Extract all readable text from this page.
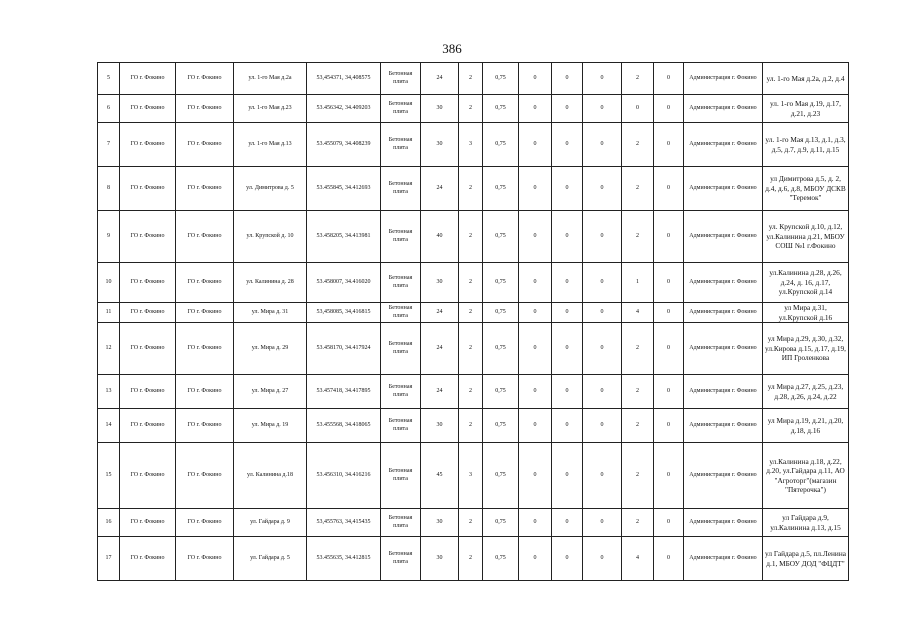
386
5	ГО г. Фокино	ГО г. Фокино	ул. 1-го Мая д.2а	53,454371, 34,408575	Бетонная плита	24	2	0,75	0	0	0	2	0	Администрация г. Фокино	ул. 1-го Мая д.2а, д.2, д.4
6	ГО г. Фокино	ГО г. Фокино	ул. 1-го Мая д.23	53.456342, 34.409203	Бетонная плита	30	2	0,75	0	0	0	0	0	Администрация г. Фокино	ул. 1-го Мая д.19, д.17, д.21, д.23
7	ГО г. Фокино	ГО г. Фокино	ул. 1-го Мая д.13	53.455079, 34.408239	Бетонная плита	30	3	0,75	0	0	0	2	0	Администрация г. Фокино	ул. 1-го Мая д.13, д.1, д.3, д.5, д.7, д.9, д.11, д.15
8	ГО г. Фокино	ГО г. Фокино	ул. Димитрова д. 5	53.455845, 34.412693	Бетонная плита	24	2	0,75	0	0	0	2	0	Администрация г. Фокино	ул Димитрова д.5, д. 2, д.4, д.6, д.8, МБОУ ДСКВ "Теремок"
9	ГО г. Фокино	ГО г. Фокино	ул. Крупской д. 10	53.458205, 34.413981	Бетонная плита	40	2	0,75	0	0	0	2	0	Администрация г. Фокино	ул. Крупской д.10, д.12, ул.Калинина д.21, МБОУ СОШ №1 г.Фокино
10	ГО г. Фокино	ГО г. Фокино	ул. Калинина д. 28	53.458007, 34.416020	Бетонная плита	30	2	0,75	0	0	0	1	0	Администрация г. Фокино	ул.Калинина д.28, д.26, д.24, д. 16, д.17, ул.Крупской д.14
11	ГО г. Фокино	ГО г. Фокино	ул. Мира д. 31	53,458085, 34,416815	Бетонная плита	24	2	0,75	0	0	0	4	0	Администрация г. Фокино	ул Мира д.31, ул.Крупской д.16
12	ГО г. Фокино	ГО г. Фокино	ул. Мира д. 29	53.458170, 34.417924	Бетонная плита	24	2	0,75	0	0	0	2	0	Администрация г. Фокино	ул Мира д.29, д.30, д.32, ул.Кирова д.15, д.17, д.19, ИП Гроленкова
13	ГО г. Фокино	ГО г. Фокино	ул. Мира д. 27	53.457418, 34.417895	Бетонная плита	24	2	0,75	0	0	0	2	0	Администрация г. Фокино	ул Мира д.27, д.25, д.23, д.28, д.26, д.24, д.22
14	ГО г. Фокино	ГО г. Фокино	ул. Мира д. 19	53.455568, 34.418065	Бетонная плита	30	2	0,75	0	0	0	2	0	Администрация г. Фокино	ул Мира д.19, д.21, д.20, д.18, д.16
15	ГО г. Фокино	ГО г. Фокино	ул. Калинина д.18	53.456310, 34.416216	Бетонная плита	45	3	0,75	0	0	0	2	0	Администрация г. Фокино	ул.Калинина д.18, д.22, д.20, ул.Гайдара д.11, АО "Агроторг"(магазин "Пятерочка")
16	ГО г. Фокино	ГО г. Фокино	ул. Гайдара д. 9	53,455763, 34,415435	Бетонная плита	30	2	0,75	0	0	0	2	0	Администрация г. Фокино	ул Гайдара д.9, ул.Калинина д.13, д.15
17	ГО г. Фокино	ГО г. Фокино	ул. Гайдара д. 5	53.455635, 34.412815	Бетонная плита	30	2	0,75	0	0	0	4	0	Администрация г. Фокино	ул Гайдара д.5, пл.Ленина д.1, МБОУ ДОД "ФЦДТ"
